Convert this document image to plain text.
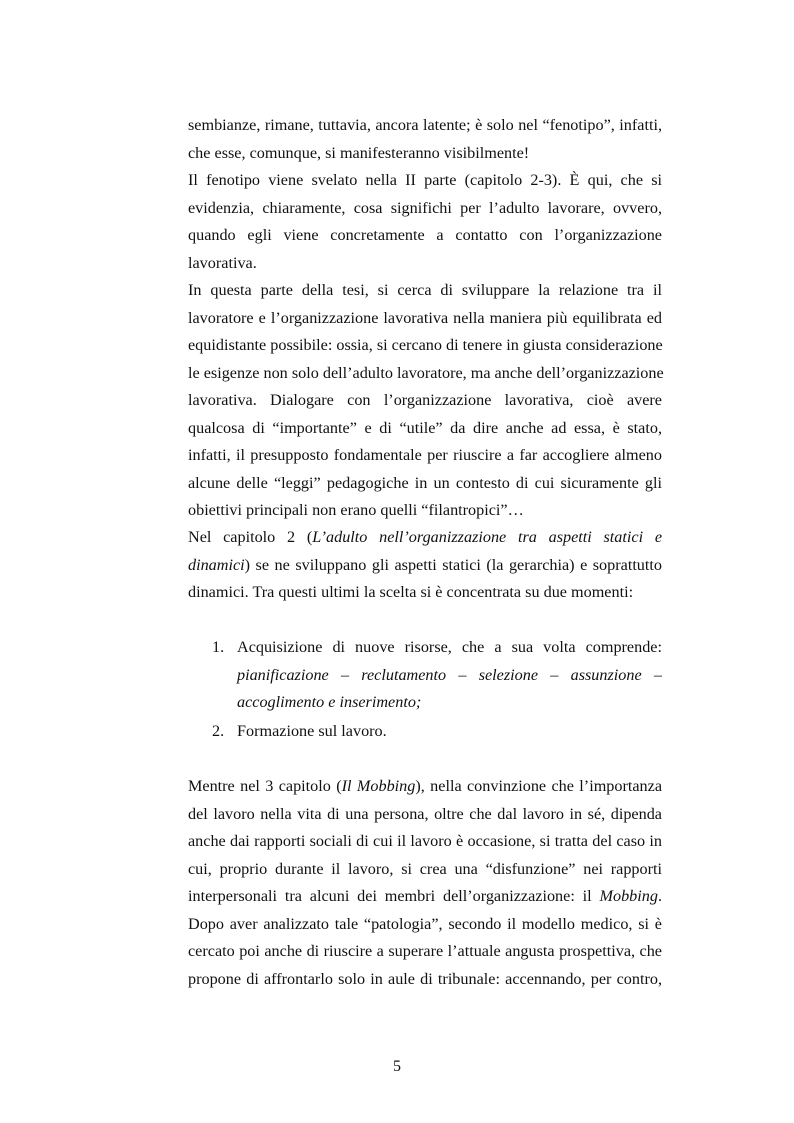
sembianze, rimane, tuttavia, ancora latente; è solo nel “fenotipo”, infatti,
che esse, comunque, si manifesteranno visibilmente!
Il fenotipo viene svelato nella II parte (capitolo 2-3). È qui, che si
evidenzia, chiaramente, cosa significhi per l’adulto lavorare, ovvero,
quando egli viene concretamente a contatto con l’organizzazione
lavorativa.
In questa parte della tesi, si cerca di sviluppare la relazione tra il
lavoratore e l’organizzazione lavorativa nella maniera più equilibrata ed
equidistante possibile: ossia, si cercano di tenere in giusta considerazione
le esigenze non solo dell’adulto lavoratore, ma anche dell’organizzazione
lavorativa. Dialogare con l’organizzazione lavorativa, cioè avere
qualcosa di “importante” e di “utile” da dire anche ad essa, è stato,
infatti, il presupposto fondamentale per riuscire a far accogliere almeno
alcune delle “leggi” pedagogiche in un contesto di cui sicuramente gli
obiettivi principali non erano quelli “filantropici”…
Nel capitolo 2 (L’adulto nell’organizzazione tra aspetti statici e
dinamici) se ne sviluppano gli aspetti statici (la gerarchia) e soprattutto
dinamici. Tra questi ultimi la scelta si è concentrata su due momenti:
1. Acquisizione di nuove risorse, che a sua volta comprende:
pianificazione – reclutamento – selezione – assunzione –
accoglimento e inserimento;
2. Formazione sul lavoro.
Mentre nel 3 capitolo (Il Mobbing), nella convinzione che l’importanza
del lavoro nella vita di una persona, oltre che dal lavoro in sé, dipenda
anche dai rapporti sociali di cui il lavoro è occasione, si tratta del caso in
cui, proprio durante il lavoro, si crea una “disfunzione” nei rapporti
interpersonali tra alcuni dei membri dell’organizzazione: il Mobbing.
Dopo aver analizzato tale “patologia”, secondo il modello medico, si è
cercato poi anche di riuscire a superare l’attuale angusta prospettiva, che
propone di affrontarlo solo in aule di tribunale: accennando, per contro,
5
